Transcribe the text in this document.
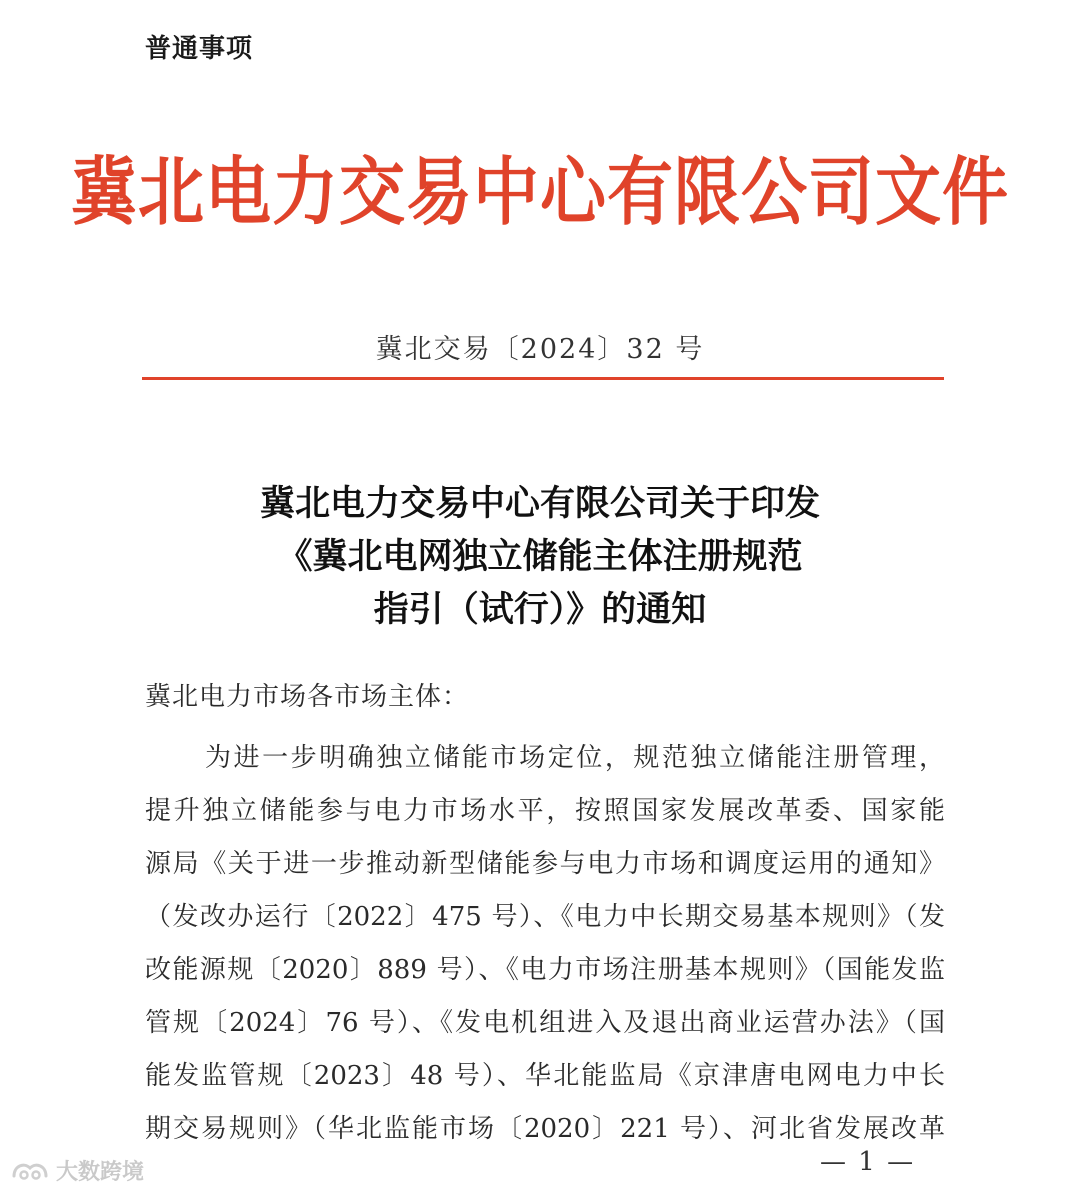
普通事项
冀北电力交易中心有限公司文件
冀北交易〔2024〕32 号
冀北电力交易中心有限公司关于印发
《冀北电网独立储能主体注册规范
指引（试行）》的通知
冀北电力市场各市场主体：
为进一步明确独立储能市场定位，规范独立储能注册管理，
提升独立储能参与电力市场水平，按照国家发展改革委、国家能
源局《关于进一步推动新型储能参与电力市场和调度运用的通知》
（发改办运行〔2022〕475 号）、《电力中长期交易基本规则》（发
改能源规〔2020〕889 号）、《电力市场注册基本规则》（国能发监
管规〔2024〕76 号）、《发电机组进入及退出商业运营办法》（国
能发监管规〔2023〕48 号）、华北能监局《京津唐电网电力中长
期交易规则》（华北监能市场〔2020〕221 号）、河北省发展改革
大数跨境	— 1 —
